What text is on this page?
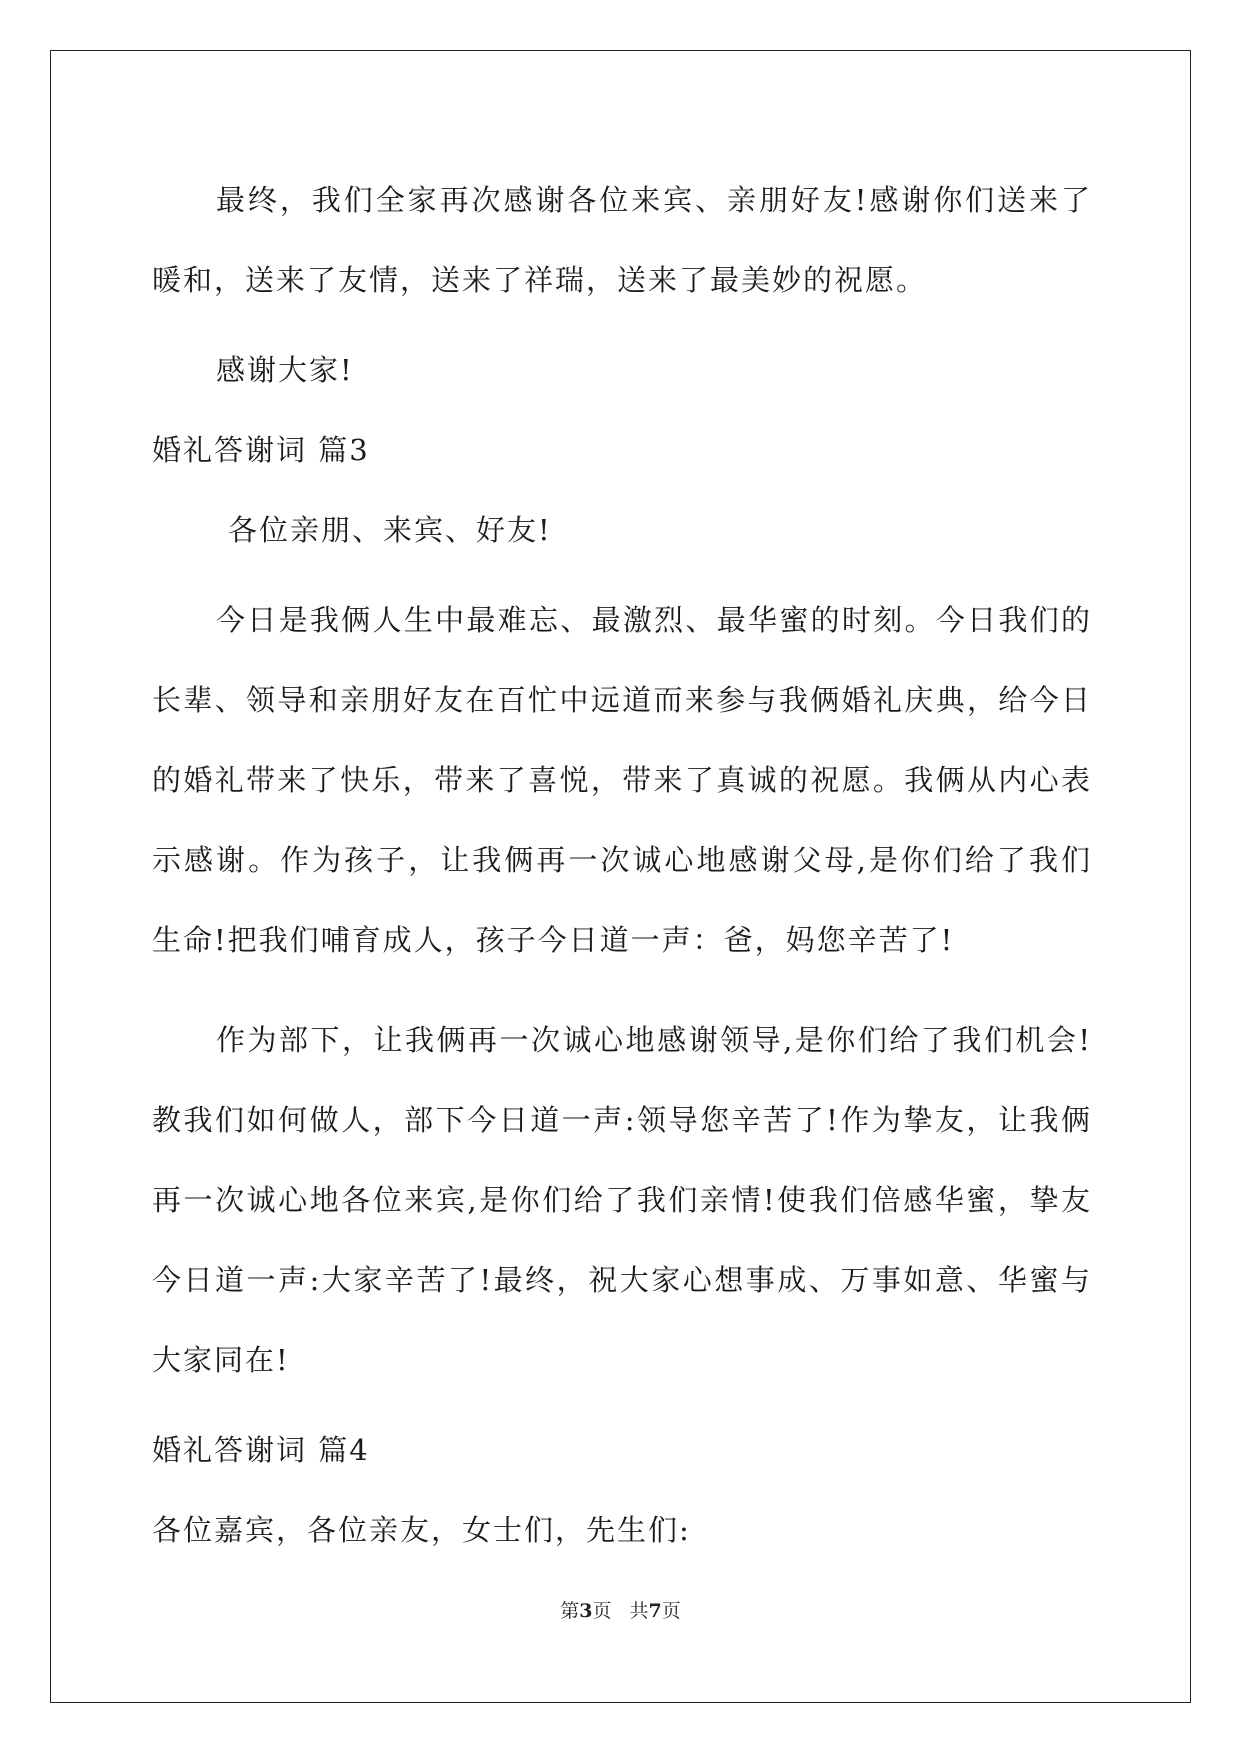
最终，我们全家再次感谢各位来宾、亲朋好友!感谢你们送来了暖和，送来了友情，送来了祥瑞，送来了最美妙的祝愿。

感谢大家!

婚礼答谢词 篇3

各位亲朋、来宾、好友!

今日是我俩人生中最难忘、最激烈、最华蜜的时刻。今日我们的长辈、领导和亲朋好友在百忙中远道而来参与我俩婚礼庆典，给今日的婚礼带来了快乐，带来了喜悦，带来了真诚的祝愿。我俩从内心表示感谢。作为孩子，让我俩再一次诚心地感谢父母,是你们给了我们生命!把我们哺育成人，孩子今日道一声：爸，妈您辛苦了!

作为部下，让我俩再一次诚心地感谢领导,是你们给了我们机会!教我们如何做人，部下今日道一声:领导您辛苦了!作为挚友，让我俩再一次诚心地各位来宾,是你们给了我们亲情!使我们倍感华蜜，挚友今日道一声:大家辛苦了!最终，祝大家心想事成、万事如意、华蜜与大家同在!

婚礼答谢词 篇4

各位嘉宾，各位亲友，女士们，先生们:

第3页 共7页
